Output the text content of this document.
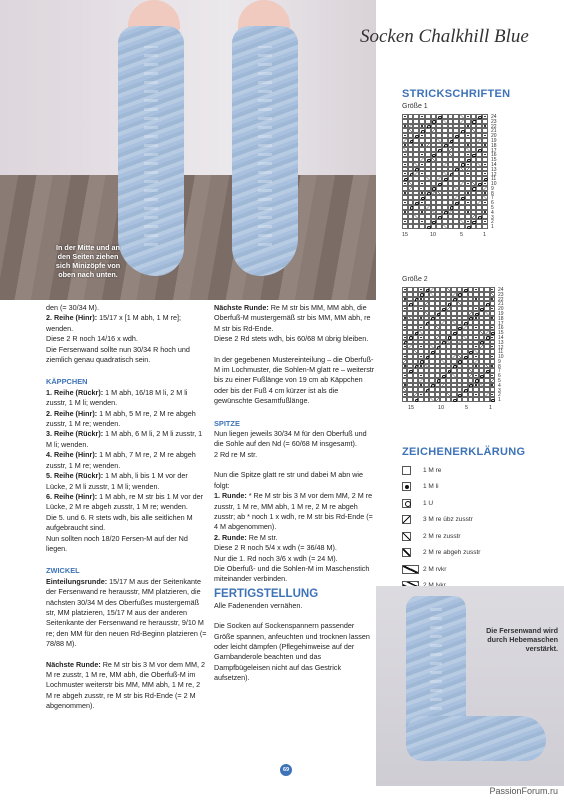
In der Mitte und an den Seiten ziehen sich Minizöpfe von oben nach unten.
Socken Chalkhill Blue
STRICKSCHRIFTEN
Größe 1
24
23
22
21
20
19
18
17
16
15
14
13
12
11
10
9
8
7
6
5
4
3
2
1
15	10	5	1
Größe 2
24
23
22
21
20
19
18
17
16
15
14
13
12
11
10
9
8
7
6
5
4
3
2
1
15	10	5	1
ZEICHENERKLÄRUNG
1 M re
1 M li
1 U
3 M re übz zusstr
2 M re zusstr
2 M re abgeh zusstr
2 M rvkr
Die Fersenwand wird durch Hebemaschen verstärkt.

den (= 30/34 M).

2. Reihe (Hinr): 15/17 x [1 M abh, 1 M re]; wenden.

Diese 2 R noch 14/16 x wdh.

Die Fersenwand sollte nun 30/34 R hoch und ziemlich genau quadratisch sein.

KÄPPCHEN

1. Reihe (Rückr): 1 M abh, 16/18 M li, 2 M li zusstr, 1 M li; wenden.

2. Reihe (Hinr): 1 M abh, 5 M re, 2 M re abgeh zusstr, 1 M re; wenden.

3. Reihe (Rückr): 1 M abh, 6 M li, 2 M li zusstr, 1 M li; wenden.

4. Reihe (Hinr): 1 M abh, 7 M re, 2 M re abgeh zusstr, 1 M re; wenden.

5. Reihe (Rückr): 1 M abh, li bis 1 M vor der Lücke, 2 M li zusstr, 1 M li; wenden.

6. Reihe (Hinr): 1 M abh, re M str bis 1 M vor der Lücke, 2 M re abgeh zusstr, 1 M re; wenden.

Die 5. und 6. R stets wdh, bis alle seitlichen M aufgebraucht sind.

Nun sollten noch 18/20 Fersen-M auf der Nd liegen.

ZWICKEL

Einteilungsrunde: 15/17 M aus der Seitenkante der Fersenwand re herausstr, MM platzieren, die nächsten 30/34 M des Oberfußes mustergemäß str, MM platzieren, 15/17 M aus der anderen Seitenkante der Fersenwand re herausstr, 9/10 M re; den MM für den neuen Rd-Beginn platzieren (= 78/88 M).

Nächste Runde: Re M str bis 3 M vor dem MM, 2 M re zusstr, 1 M re, MM abh, die Oberfuß-M im Lochmuster weiterstr bis MM, MM abh, 1 M re, 2 M re abgeh zusstr, re M str bis Rd-Ende (= 2 M abgenommen).

Nächste Runde: Re M str bis MM, MM abh, die Oberfuß-M mustergemäß str bis MM, MM abh, re M str bis Rd-Ende.

Diese 2 Rd stets wdh, bis 60/68 M übrig bleiben.

In der gegebenen Mustereinteilung – die Oberfuß-M im Lochmuster, die Sohlen-M glatt re – weiterstr bis zu einer Fußlänge von 19 cm ab Käppchen oder bis der Fuß 4 cm kürzer ist als die gewünschte Gesamtfußlänge.

SPITZE

Nun liegen jeweils 30/34 M für den Oberfuß und die Sohle auf den Nd (= 60/68 M insgesamt).

2 Rd re M str.

Nun die Spitze glatt re str und dabei M abn wie folgt:

1. Runde: * Re M str bis 3 M vor dem MM, 2 M re zusstr, 1 M re, MM abh, 1 M re, 2 M re abgeh zusstr; ab * noch 1 x wdh, re M str bis Rd-Ende (= 4 M abgenommen).

2. Runde: Re M str.

Diese 2 R noch 5/4 x wdh (= 36/48 M).

Nur die 1. Rd noch 3/6 x wdh (= 24 M).

Die Oberfuß- und die Sohlen-M im Maschenstich miteinander verbinden.

FERTIGSTELLUNG

Alle Fadenenden vernähen.

Die Socken auf Sockenspannern passender Größe spannen, anfeuchten und trocknen lassen oder leicht dämpfen (Pflegehinweise auf der Garnbanderole beachten und das Dampfbügeleisen nicht auf das Gestrick aufsetzen).

69
PassionForum.ru
